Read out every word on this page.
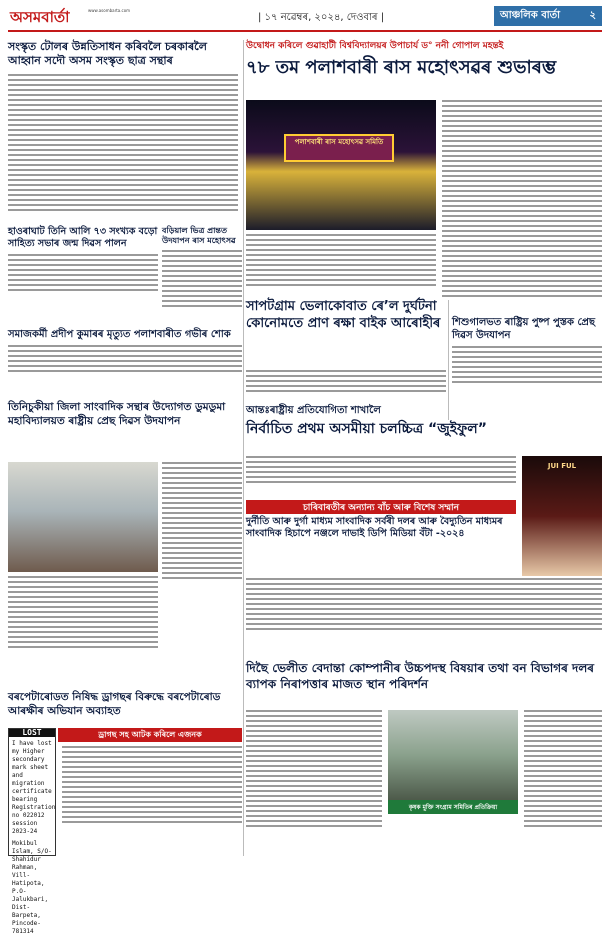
অসমবাৰ্তা	www.asombarta.com
| ১৭ নৱেম্বৰ, ২০২৪, দেওবাৰ |	আঞ্চলিক বাৰ্তা	২
সংস্কৃত টোলৰ উন্নতিসাধন কৰিবলৈ চৰকাৰলৈ আহ্বান সদৌ অসম সংস্কৃত ছাত্ৰ সন্থাৰ
উদ্বোধন কৰিলে গুৱাহাটী বিশ্ববিদ্যালয়ৰ উপাচাৰ্য ড° ননী গোপাল মহন্তই
৭৮ তম পলাশবাৰী ৰাস মহোৎসৱৰ শুভাৰম্ভ
পলাশবাৰী ৰাস মহোৎসৱ সমিতি
হাওৰাঘাট তিনি আলি ৭৩ সংখ্যক বড়ো সাহিত্য সভাৰ জন্ম দিৱস পালন
বড়িয়াল ভিত্ৰ প্ৰান্তত উদযাপন ৰাস মহোৎসৱ
সমাজকৰ্মী প্ৰদীপ কুমাৰৰ মৃত্যুত পলাশবাৰীত গভীৰ শোক
সাপটগ্ৰাম ভেলাকোবাত ৰে’ল দুৰ্ঘটনা কোনোমতে প্ৰাণ ৰক্ষা বাইক আৰোহীৰ	শিশুগালভত ৰাষ্ট্ৰিয় পুষ্প পুস্তক প্ৰেছ দিৱস উদযাপন
তিনিচুকীয়া জিলা সাংবাদিক সন্থাৰ উদ্যোগত ডুমডুমা মহাবিদ্যালয়ত ৰাষ্ট্ৰীয় প্ৰেছ দিৱস উদযাপন
আন্তঃৰাষ্ট্ৰীয় প্ৰতিযোগিতা শাখালৈ
নিৰ্বাচিত প্ৰথম অসমীয়া চলচ্চিত্ৰ “জুইফুল”
JUI FUL
চাৰিবাৰতীৰ অন্যান্য বাঁচ আৰু বিশেষ সম্মান
দুৰ্নীতি আৰু দুৰ্গা মাধ্যম সাংবাদিক সৰ্বৰী দলৰ আৰু বৈদ্যুতিন মাধ্যমৰ সাংবাদিক হিচাপে নঞ্জলে দাভাই ডিপি মিডিয়া বঁটা -২০২৪
দিছৈ ভেলীত বেদান্তা কোম্পানীৰ উচ্চপদস্থ বিষয়াৰ তথা বন বিভাগৰ দলৰ ব্যাপক নিৰাপত্তাৰ মাজত স্থান পৰিদৰ্শন
কৃষক মুক্তি সংগ্ৰাম সমিতিৰ প্ৰতিক্ৰিয়া
বৰপেটাৰোডত নিষিদ্ধ ড্ৰাগছৰ বিৰুদ্ধে বৰপেটাৰোড আৰক্ষীৰ অভিযান অব্যাহত
ড্ৰাগছ সহ আটক কৰিলে এজনক
LOST
I have lost my Higher secondary mark sheet and migration certificate bearing Registration no 022012 session 2023-24
Mokibul Islam, S/O-Shahidur Rahman, Vill-Hatipota, P.O-Jalukbari, Dist-Barpeta, Pincode-781314
